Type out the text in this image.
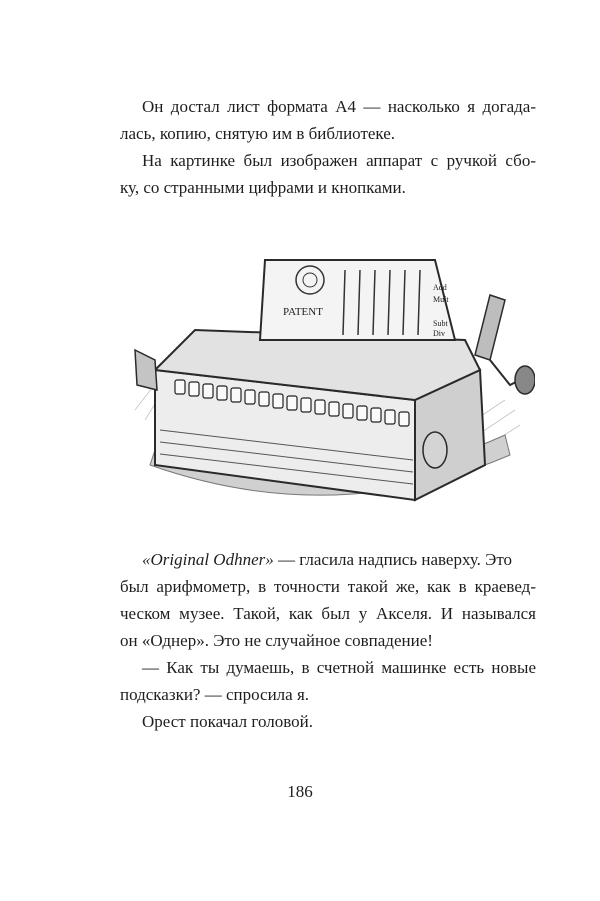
Он достал лист формата А4 — насколько я догада-
лась, копию, снятую им в библиотеке.
На картинке был изображен аппарат с ручкой сбо-
ку, со странными цифрами и кнопками.
PATENT
Add
Mult
Subt
Div
«Original Odhner» — гласила надпись наверху. Это
был арифмометр, в точности такой же, как в краевед-
ческом музее. Такой, как был у Акселя. И назывался
он «Однер». Это не случайное совпадение!
— Как ты думаешь, в счетной машинке есть новые
подсказки? — спросила я.
Орест покачал головой.
186
